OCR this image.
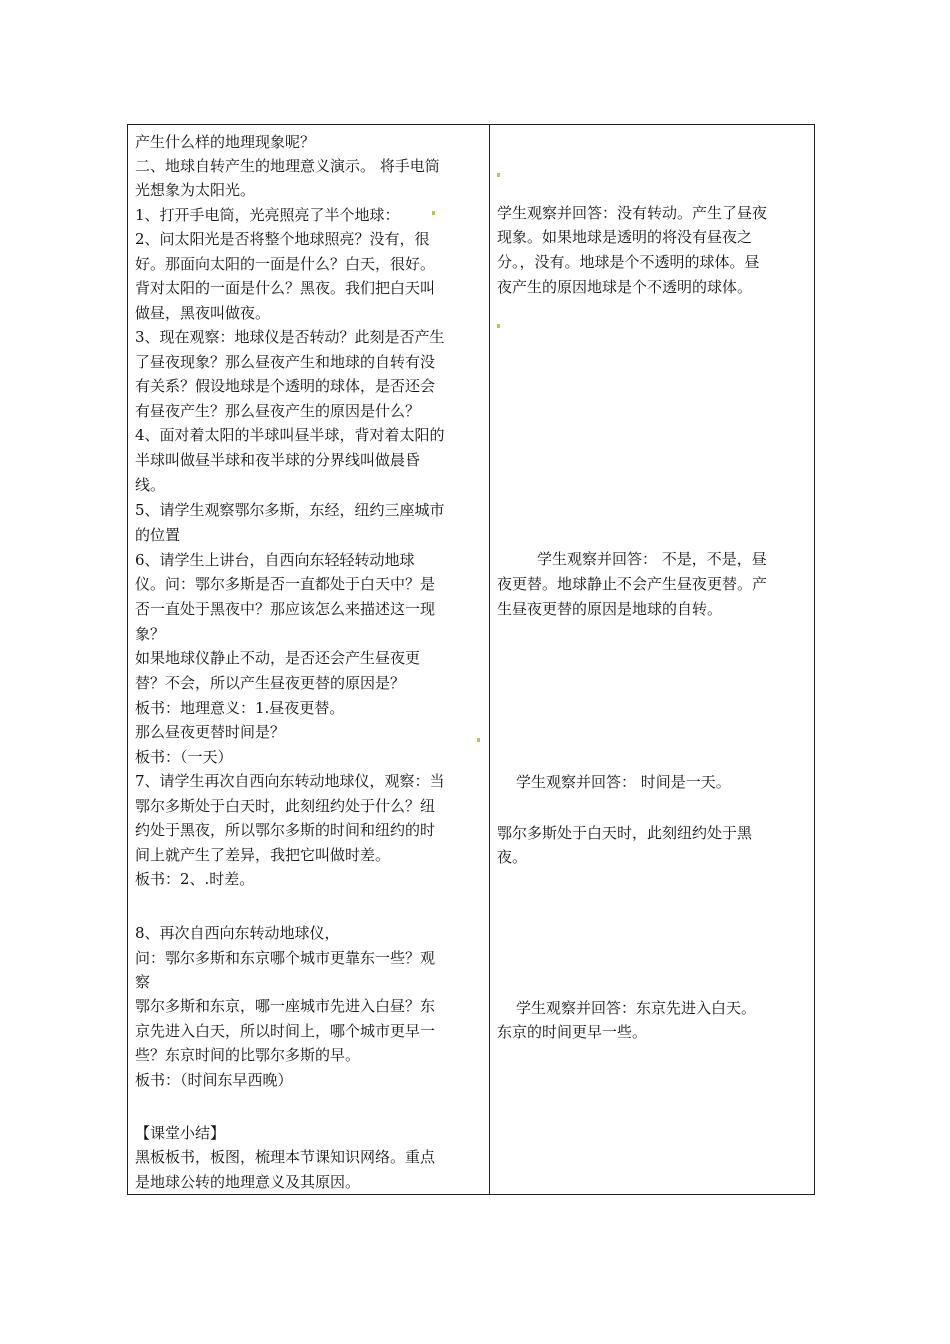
产生什么样的地理现象呢？
二、地球自转产生的地理意义演示。 将手电筒
光想象为太阳光。
1、打开手电筒，光亮照亮了半个地球：
2、问太阳光是否将整个地球照亮？没有，很
好。那面向太阳的一面是什么？白天，很好。
背对太阳的一面是什么？黑夜。我们把白天叫
做昼，黑夜叫做夜。
3、现在观察：地球仪是否转动？此刻是否产生
了昼夜现象？那么昼夜产生和地球的自转有没
有关系？假设地球是个透明的球体，是否还会
有昼夜产生？那么昼夜产生的原因是什么？
4、面对着太阳的半球叫昼半球，背对着太阳的
半球叫做昼半球和夜半球的分界线叫做晨昏
线。
5、请学生观察鄂尔多斯，东经，纽约三座城市
的位置
6、请学生上讲台，自西向东轻轻转动地球
仪。问：鄂尔多斯是否一直都处于白天中？是
否一直处于黑夜中？那应该怎么来描述这一现
象？
如果地球仪静止不动，是否还会产生昼夜更
替？不会，所以产生昼夜更替的原因是？
板书：地理意义：1.昼夜更替。
那么昼夜更替时间是？
板书：（一天）
7、请学生再次自西向东转动地球仪，观察：当
鄂尔多斯处于白天时，此刻纽约处于什么？纽
约处于黑夜，所以鄂尔多斯的时间和纽约的时
间上就产生了差异，我把它叫做时差。
板书：2、.时差。
8、再次自西向东转动地球仪，
问：鄂尔多斯和东京哪个城市更靠东一些？观
察
鄂尔多斯和东京，哪一座城市先进入白昼？东
京先进入白天，所以时间上，哪个城市更早一
些？东京时间的比鄂尔多斯的早。
板书：（时间东早西晚）
【课堂小结】
黑板板书，板图，梳理本节课知识网络。重点
是地球公转的地理意义及其原因。
学生观察并回答：没有转动。产生了昼夜
现象。如果地球是透明的将没有昼夜之
分。，没有。地球是个不透明的球体。昼
夜产生的原因地球是个不透明的球体。
学生观察并回答： 不是，不是，昼
夜更替。地球静止不会产生昼夜更替。产
生昼夜更替的原因是地球的自转。
学生观察并回答： 时间是一天。
鄂尔多斯处于白天时，此刻纽约处于黑
夜。
学生观察并回答：东京先进入白天。
东京的时间更早一些。
